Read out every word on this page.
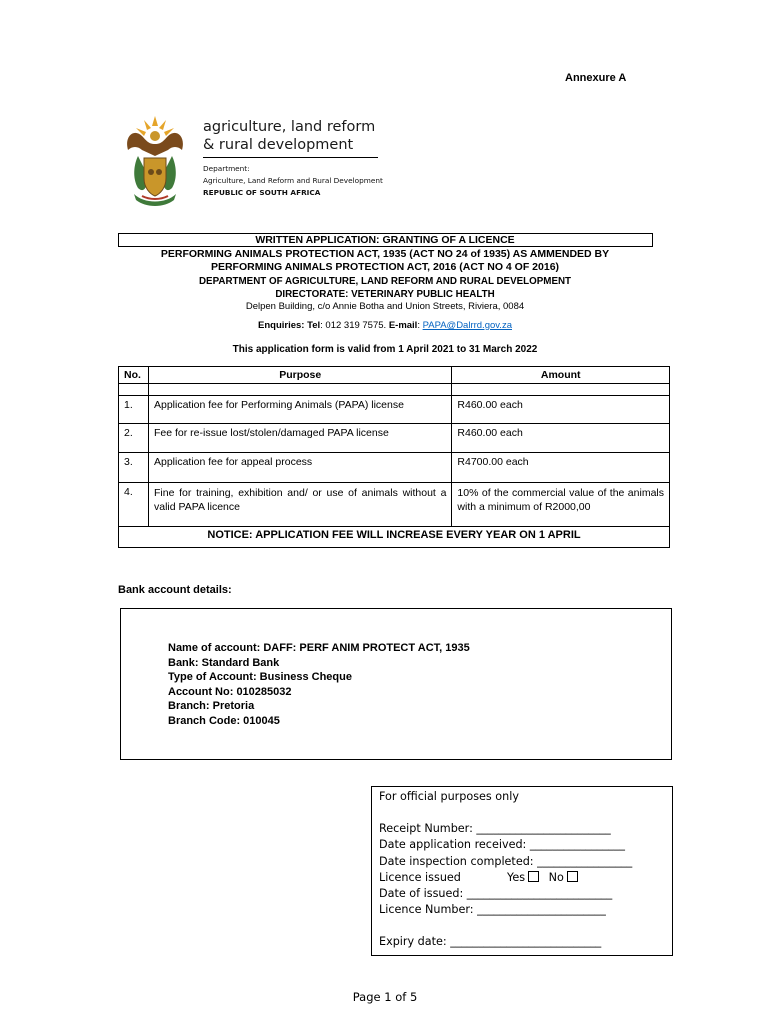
Annexure A
agriculture, land reform
& rural development
Department:
Agriculture, Land Reform and Rural Development
REPUBLIC OF SOUTH AFRICA
WRITTEN APPLICATION: GRANTING OF A LICENCE
PERFORMING ANIMALS PROTECTION ACT, 1935 (ACT NO 24 of 1935) AS AMMENDED BY
PERFORMING ANIMALS PROTECTION ACT, 2016 (ACT NO 4 OF 2016)
DEPARTMENT OF AGRICULTURE, LAND REFORM AND RURAL DEVELOPMENT
DIRECTORATE: VETERINARY PUBLIC HEALTH
Delpen Building, c/o Annie Botha and Union Streets, Riviera, 0084
Enquiries: Tel: 012 319 7575. E-mail: PAPA@Dalrrd.gov.za
This application form is valid from 1 April 2021 to 31 March 2022
No.	Purpose	Amount

1.	Application fee for Performing Animals (PAPA) license	R460.00 each
2.	Fee for re-issue lost/stolen/damaged PAPA license	R460.00 each
3.	Application fee for appeal process	R4700.00 each
4.	Fine for training, exhibition and/ or use of animals without a valid PAPA licence	10% of the commercial value of the animals with a minimum of R2000,00
NOTICE: APPLICATION FEE WILL INCREASE EVERY YEAR ON 1 APRIL		
Bank account details:
Name of account: DAFF: PERF ANIM PROTECT ACT, 1935
Bank: Standard Bank
Type of Account: Business Cheque
Account No: 010285032
Branch: Pretoria
Branch Code: 010045
For official purposes only
Receipt Number: ________________________
Date application received: _________________
Date inspection completed: _________________
Licence issued	Yes No
Date of issued: __________________________
Licence Number: _______________________
Expiry date: ___________________________
Page 1 of 5
